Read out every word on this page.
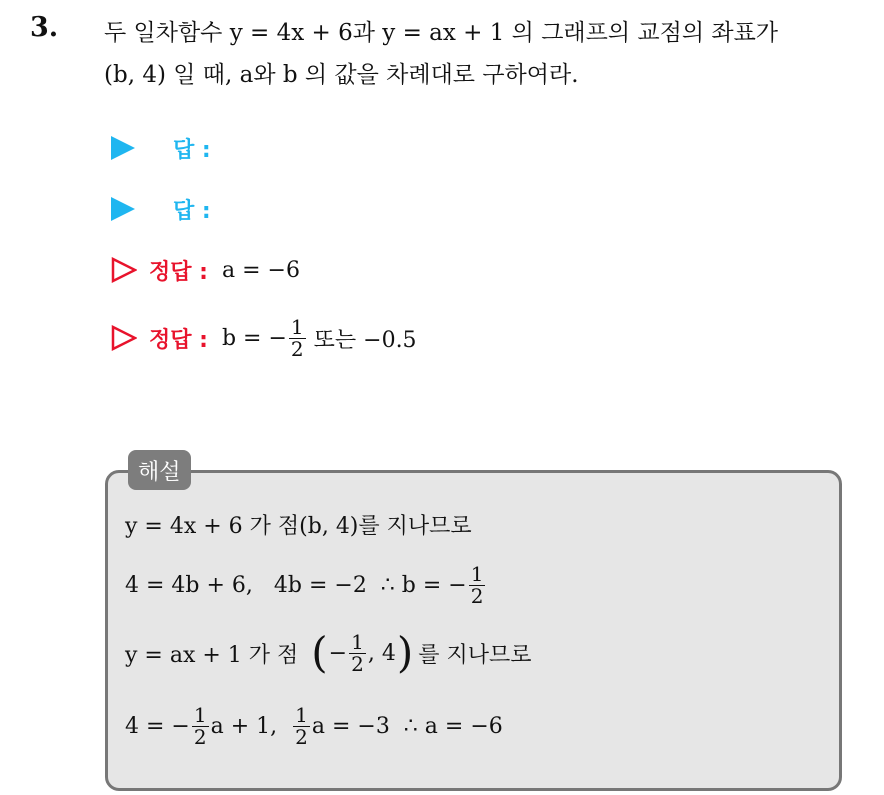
3. 두 일차함수 y = 4x + 6과 y = ax + 1 의 그래프의 교점의 좌표가
(b, 4) 일 때, a와 b 의 값을 차례대로 구하여라.
답 :
답 :
정답 : a = −6
정답 : b = − $\frac{1}{2}$ 또는 −0.5
해설
y = 4x + 6 가 점(b, 4)를 지나므로
4 = 4b + 6,   4b = −2  ∴ b = − $\frac{1}{2}$
y = ax + 1 가 점 ( − $\frac{1}{2}$ , 4 ) 를 지나므로
4 = − $\frac{1}{2}$ a + 1, $\frac{1}{2}$ a = −3  ∴ a = −6
